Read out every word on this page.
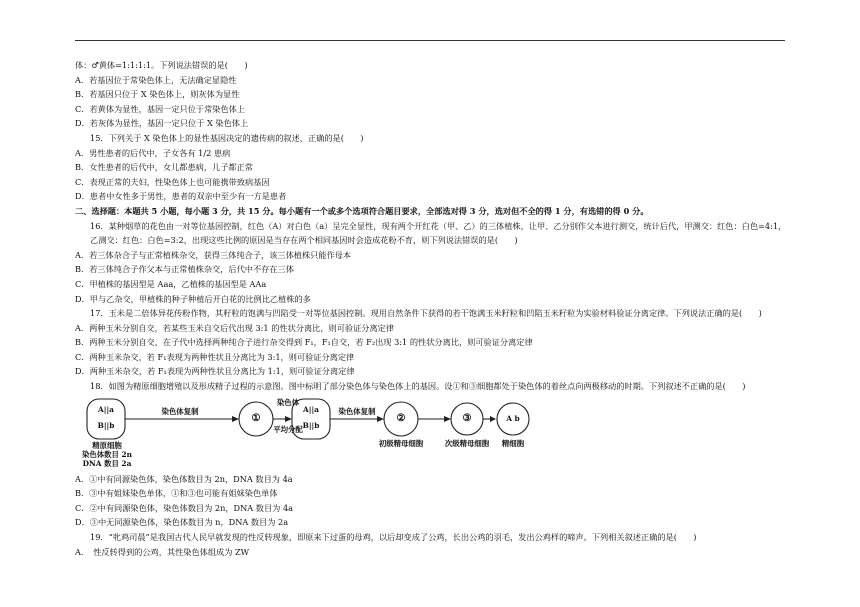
体：♂黄体=1:1:1:1。下列说法错误的是(　　)
A．若基因位于常染色体上，无法确定显隐性
B．若基因只位于 X 染色体上，则灰体为显性
C．若黄体为显性，基因一定只位于常染色体上
D．若灰体为显性，基因一定只位于 X 染色体上
15．下列关于 X 染色体上的显性基因决定的遗传病的叙述，正确的是(　　)
A．男性患者的后代中，子女各有 1/2 患病
B．女性患者的后代中，女儿都患病，儿子都正常
C．表现正常的夫妇，性染色体上也可能携带致病基因
D．患者中女性多于男性，患者的双亲中至少有一方是患者
二、选择题：本题共 5 小题，每小题 3 分，共 15 分。每小题有一个或多个选项符合题目要求，全部选对得 3 分，选对但不全的得 1 分，有选错的得 0 分。
16．某种烟草的花色由一对等位基因控制，红色（A）对白色（a）呈完全显性，现有两个开红花（甲、乙）的三体植株，让甲、乙分别作父本进行测交，统计后代，甲测交：红色：白色=4:1，乙测交：红色：白色=3:2，出现这些比例的原因是当存在两个相同基因时会造成花粉不育，则下列说法错误的是(　　)
A．若三体杂合子与正常植株杂交，获得三体纯合子，该三体植株只能作母本
B．若三体纯合子作父本与正常植株杂交，后代中不存在三体
C．甲植株的基因型是 Aaa，乙植株的基因型是 AAa
D．甲与乙杂交，甲植株的种子种植后开白花的比例比乙植株的多
17．玉米是二倍体异花传粉作物，其籽粒的饱满与凹陷受一对等位基因控制。现用自然条件下获得的若干饱满玉米籽粒和凹陷玉米籽粒为实验材料验证分离定律。下列说法正确的是(　　)
A．两种玉米分别自交，若某些玉米自交后代出现 3:1 的性状分离比，则可验证分离定律
B．两种玉米分别自交，在子代中选择两种纯合子进行杂交得到 F₁，F₁自交，若 F₂出现 3:1 的性状分离比，则可验证分离定律
C．两种玉米杂交，若 F₁表现为两种性状且分离比为 3:1，则可验证分离定律
D．两种玉米杂交，若 F₁表现为两种性状且分离比为 1:1，则可验证分离定律
18．如图为精原细胞增殖以及形成精子过程的示意图。图中标明了部分染色体与染色体上的基因。设①和③细胞都处于染色体的着丝点向两极移动的时期。下列叙述不正确的是(　　)
A||a
B||b
染色体复制
①
染色体
平均分配
A||a
B||b
染色体复制
②	③
精原细胞
染色体数目 2n
DNA 数目 2a
初级精母细胞	次级精母细胞
A b
精细胞
A．①中有同源染色体，染色体数目为 2n，DNA 数目为 4a
B．③中有姐妹染色单体，①和③也可能有姐妹染色单体
C．②中有同源染色体，染色体数目为 2n，DNA 数目为 4a
D．③中无同源染色体，染色体数目为 n，DNA 数目为 2a
19．“牝鸡司晨”是我国古代人民早就发现的性反转现象，即原来下过蛋的母鸡，以后却变成了公鸡，长出公鸡的羽毛，发出公鸡样的啼声。下列相关叙述正确的是(　　)
A．　性反转得到的公鸡，其性染色体组成为 ZW
